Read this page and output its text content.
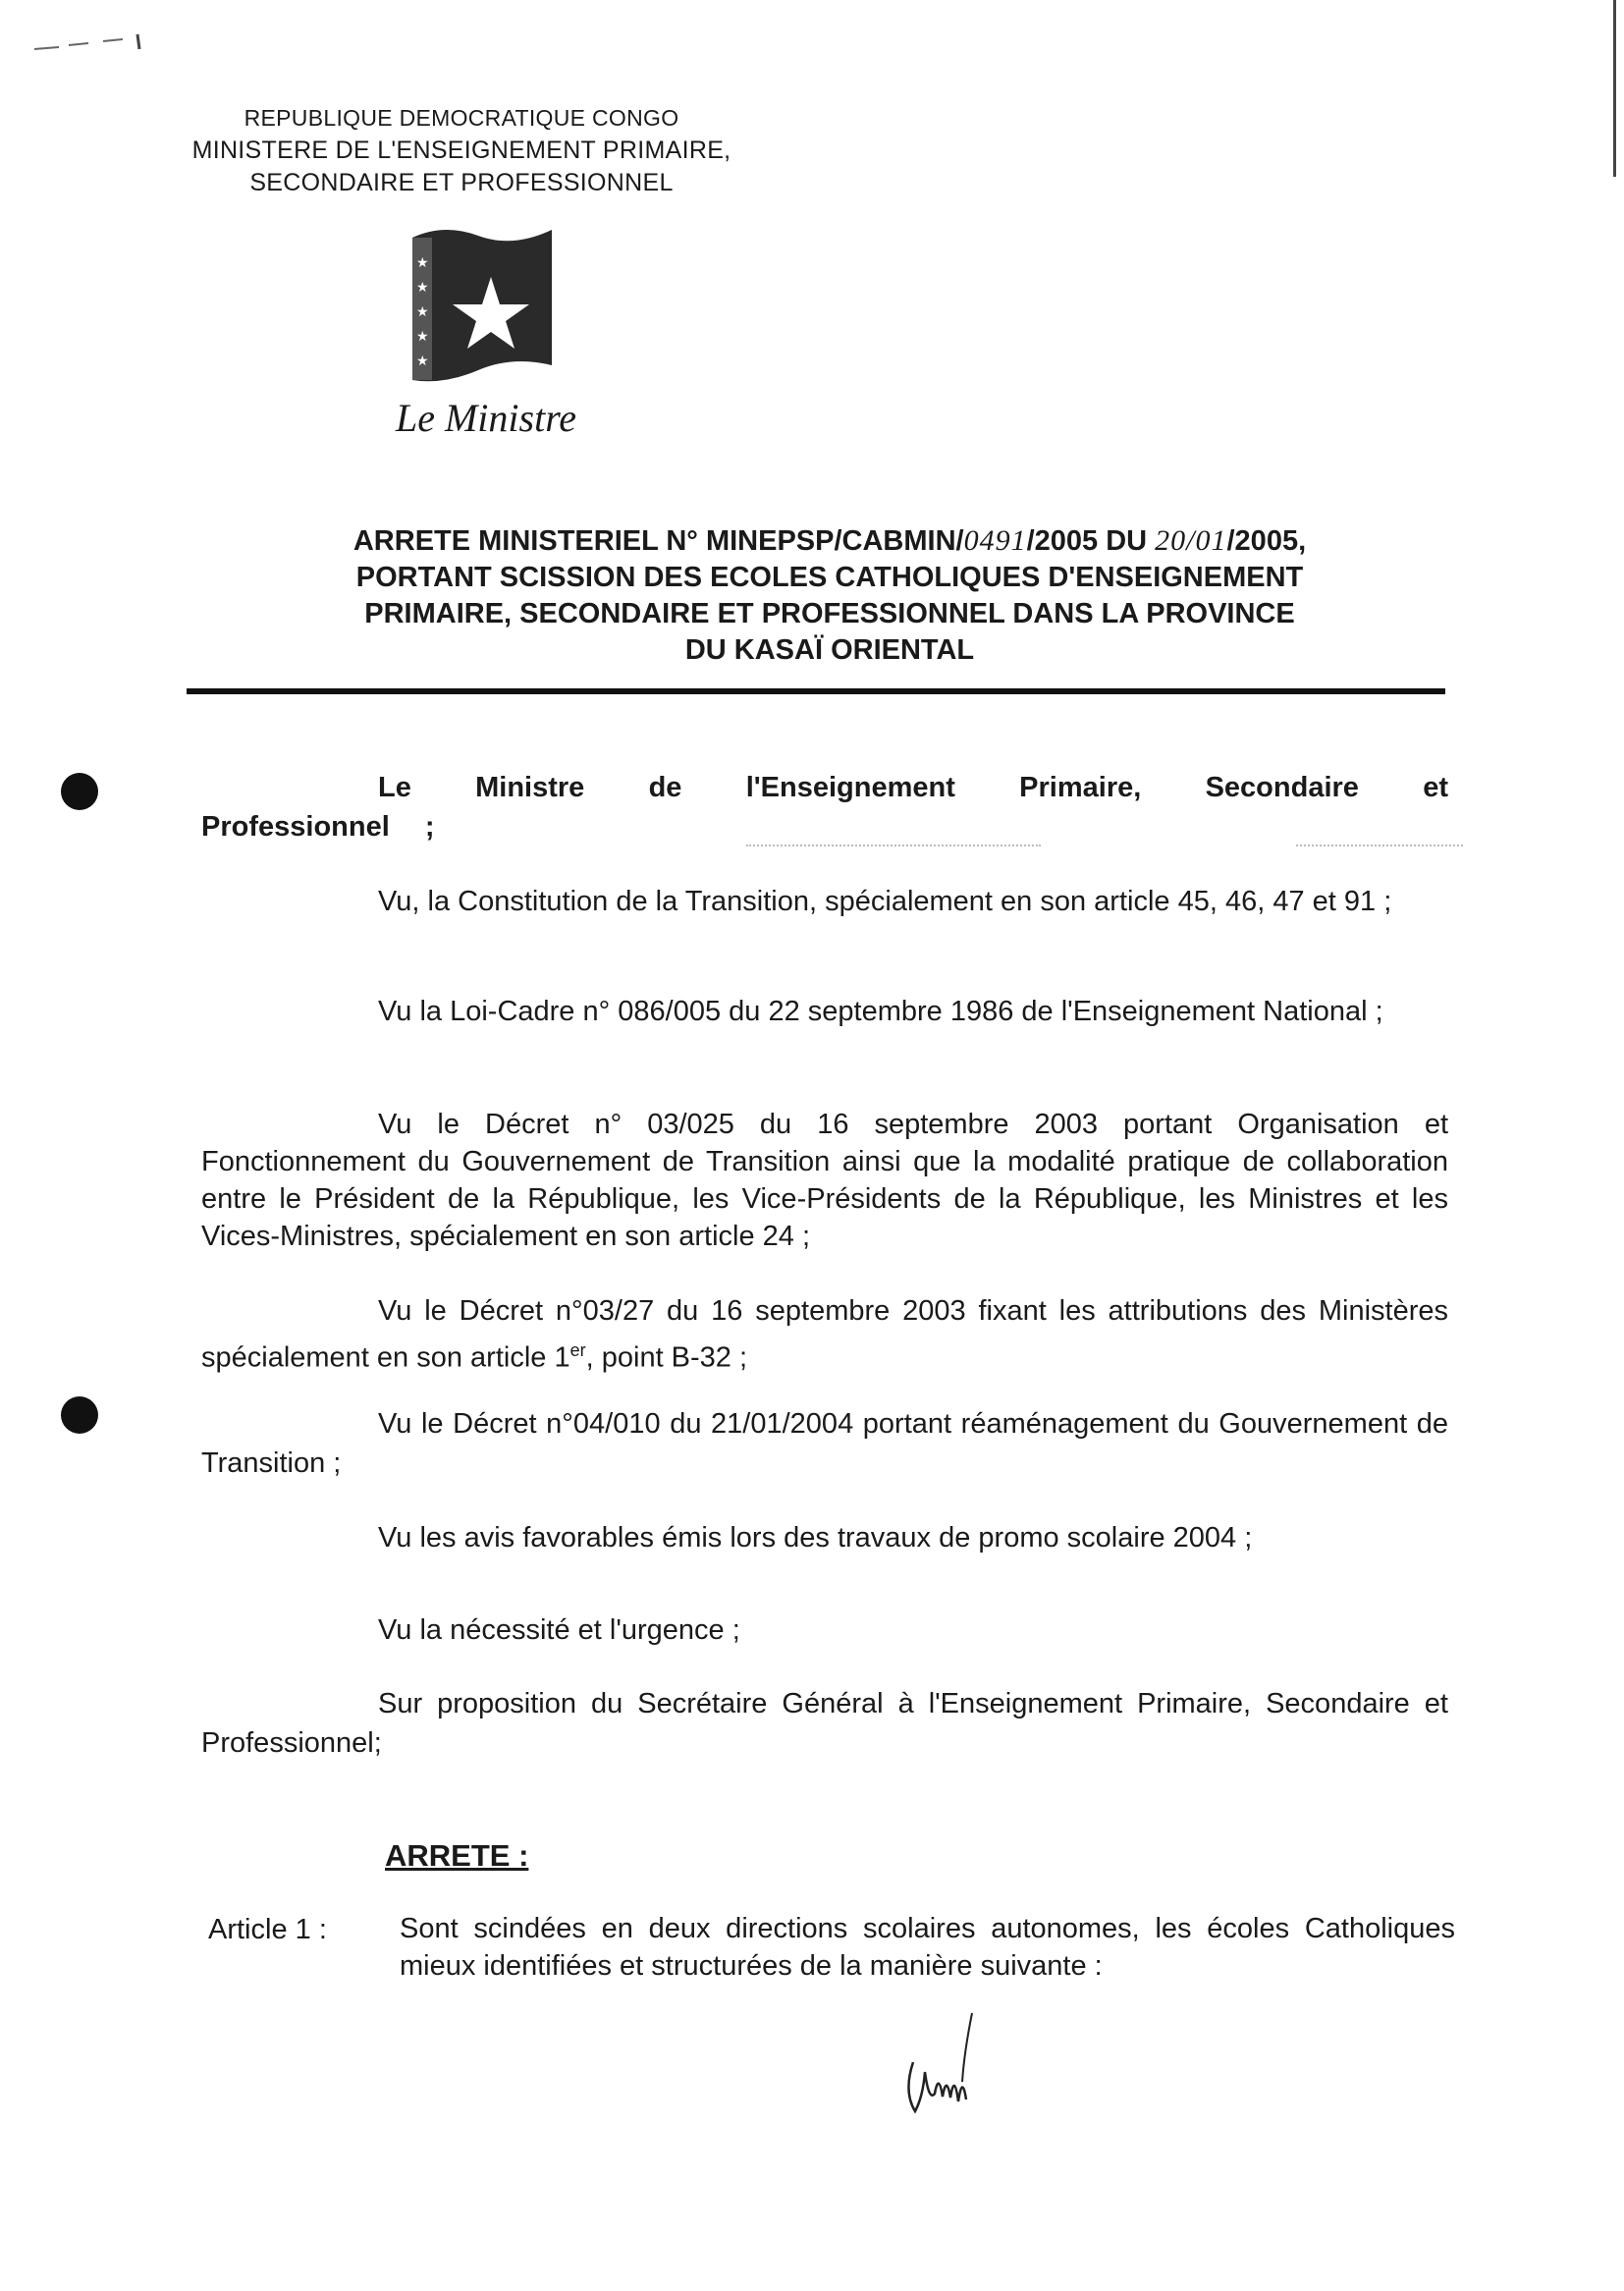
REPUBLIQUE DEMOCRATIQUE CONGO
MINISTERE DE L'ENSEIGNEMENT PRIMAIRE,
SECONDAIRE ET PROFESSIONNEL
★
★
★
★
★
Le Ministre
ARRETE MINISTERIEL N° MINEPSP/CABMIN/0491/2005 DU 20/01/2005,
PORTANT SCISSION DES ECOLES CATHOLIQUES D'ENSEIGNEMENT
PRIMAIRE, SECONDAIRE ET PROFESSIONNEL DANS LA PROVINCE
DU KASAÏ ORIENTAL
Le Ministre de l'Enseignement Primaire, Secondaire et Professionnel ;
Vu, la Constitution de la Transition, spécialement en son article 45, 46, 47 et 91 ;
Vu la Loi-Cadre n° 086/005 du 22 septembre 1986 de l'Enseignement National ;
Vu le Décret n° 03/025 du 16 septembre 2003 portant Organisation et Fonctionnement du Gouvernement de Transition ainsi que la modalité pratique de collaboration entre le Président de la République, les Vice-Présidents de la République, les Ministres et les Vices-Ministres, spécialement en son article 24 ;
Vu le Décret n°03/27 du 16 septembre 2003 fixant les attributions des Ministères spécialement en son article 1er, point B-32 ;
Vu le Décret n°04/010 du 21/01/2004 portant réaménagement du Gouvernement de Transition ;
Vu les avis favorables émis lors des travaux de promo scolaire 2004 ;
Vu la nécessité et l'urgence ;
Sur proposition du Secrétaire Général à l'Enseignement Primaire, Secondaire et Professionnel;
ARRETE :
Article 1 :	Sont scindées en deux directions scolaires autonomes, les écoles Catholiques mieux identifiées et structurées de la manière suivante :
